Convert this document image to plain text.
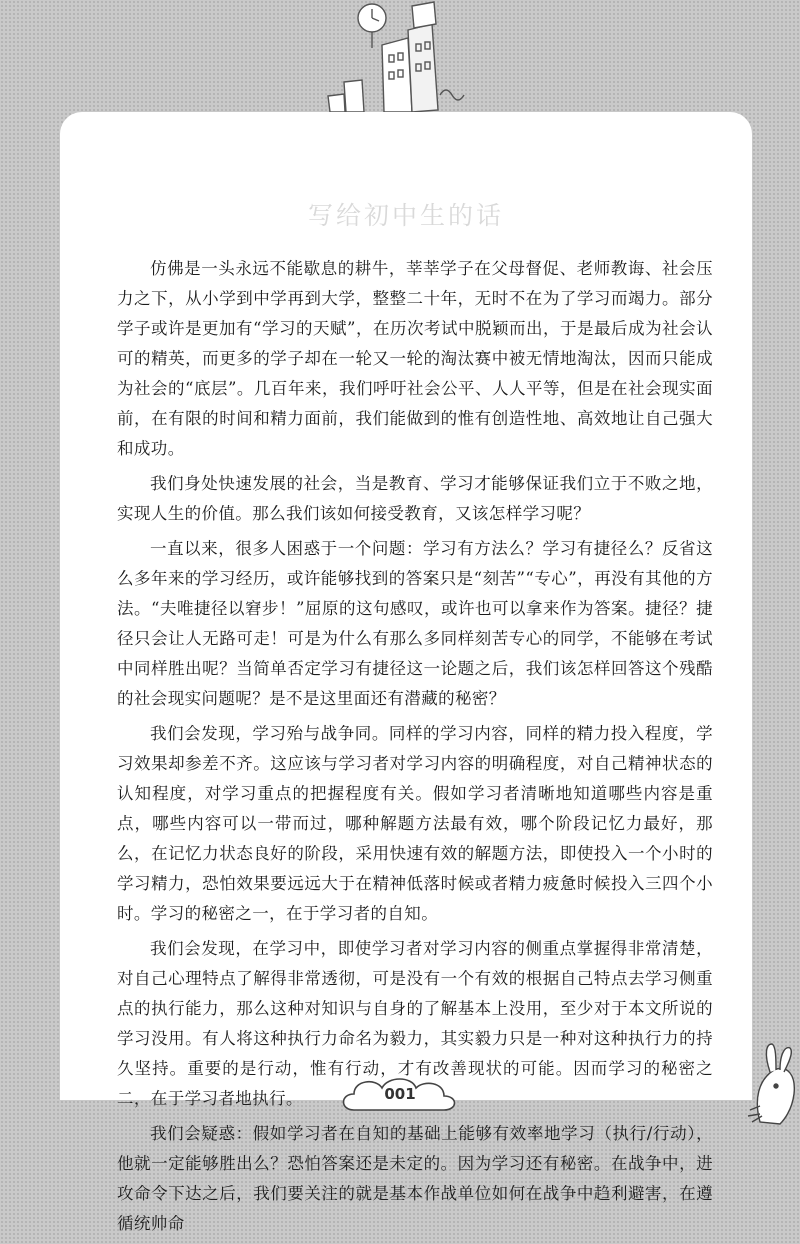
写给初中生的话

仿佛是一头永远不能歇息的耕牛，莘莘学子在父母督促、老师教诲、社会压力之下，从小学到中学再到大学，整整二十年，无时不在为了学习而竭力。部分学子或许是更加有“学习的天赋”，在历次考试中脱颖而出，于是最后成为社会认可的精英，而更多的学子却在一轮又一轮的淘汰赛中被无情地淘汰，因而只能成为社会的“底层”。几百年来，我们呼吁社会公平、人人平等，但是在社会现实面前，在有限的时间和精力面前，我们能做到的惟有创造性地、高效地让自己强大和成功。

我们身处快速发展的社会，当是教育、学习才能够保证我们立于不败之地，实现人生的价值。那么我们该如何接受教育，又该怎样学习呢？

一直以来，很多人困惑于一个问题：学习有方法么？学习有捷径么？反省这么多年来的学习经历，或许能够找到的答案只是“刻苦”“专心”，再没有其他的方法。“夫唯捷径以窘步！”屈原的这句感叹，或许也可以拿来作为答案。捷径？捷径只会让人无路可走！可是为什么有那么多同样刻苦专心的同学，不能够在考试中同样胜出呢？当简单否定学习有捷径这一论题之后，我们该怎样回答这个残酷的社会现实问题呢？是不是这里面还有潜藏的秘密？

我们会发现，学习殆与战争同。同样的学习内容，同样的精力投入程度，学习效果却参差不齐。这应该与学习者对学习内容的明确程度，对自己精神状态的认知程度，对学习重点的把握程度有关。假如学习者清晰地知道哪些内容是重点，哪些内容可以一带而过，哪种解题方法最有效，哪个阶段记忆力最好，那么，在记忆力状态良好的阶段，采用快速有效的解题方法，即使投入一个小时的学习精力，恐怕效果要远远大于在精神低落时候或者精力疲惫时候投入三四个小时。学习的秘密之一，在于学习者的自知。

我们会发现，在学习中，即使学习者对学习内容的侧重点掌握得非常清楚，对自己心理特点了解得非常透彻，可是没有一个有效的根据自己特点去学习侧重点的执行能力，那么这种对知识与自身的了解基本上没用，至少对于本文所说的学习没用。有人将这种执行力命名为毅力，其实毅力只是一种对这种执行力的持久坚持。重要的是行动，惟有行动，才有改善现状的可能。因而学习的秘密之二，在于学习者地执行。

我们会疑惑：假如学习者在自知的基础上能够有效率地学习（执行/行动），他就一定能够胜出么？恐怕答案还是未定的。因为学习还有秘密。在战争中，进攻命令下达之后，我们要关注的就是基本作战单位如何在战争中趋利避害，在遵循统帅命

001
